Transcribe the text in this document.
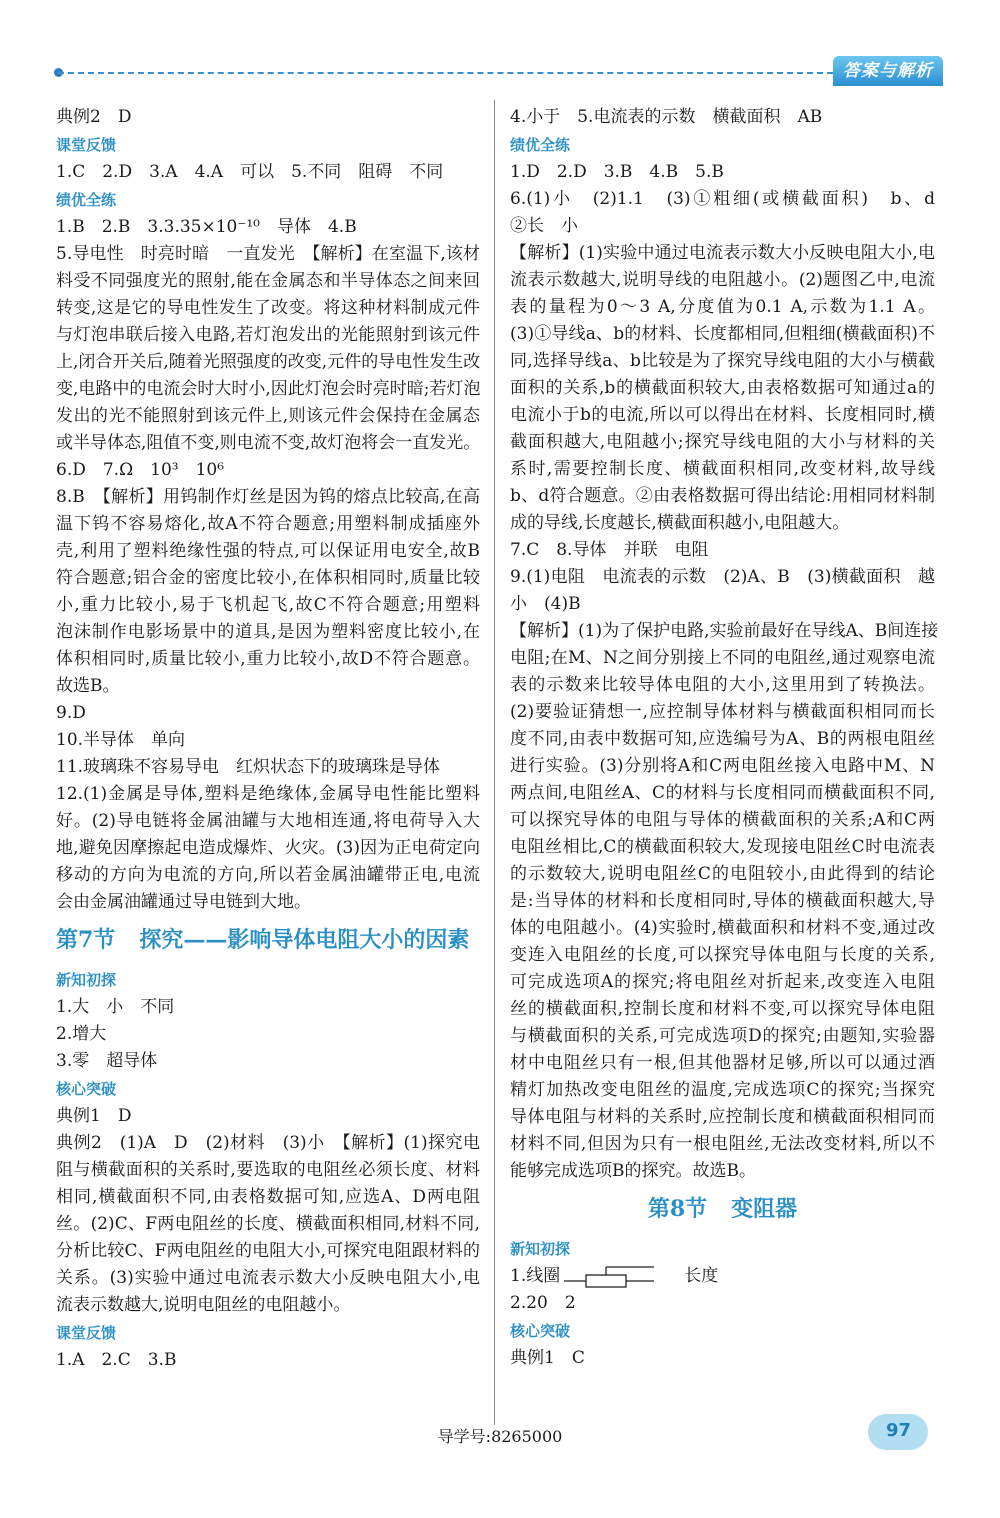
答案与解析
典例2　D
课堂反馈
1.C　2.D　3.A　4.A　可以　5.不同　阻碍　不同
绩优全练
1.B　2.B　3.3.35×10⁻¹⁰　导体　4.B
5.导电性　时亮时暗　一直发光　【解析】在室温下,该材
料受不同强度光的照射,能在金属态和半导体态之间来回
转变,这是它的导电性发生了改变。将这种材料制成元件
与灯泡串联后接入电路,若灯泡发出的光能照射到该元件
上,闭合开关后,随着光照强度的改变,元件的导电性发生改
变,电路中的电流会时大时小,因此灯泡会时亮时暗;若灯泡
发出的光不能照射到该元件上,则该元件会保持在金属态
或半导体态,阻值不变,则电流不变,故灯泡将会一直发光。
6.D　7.Ω　10³　10⁶
8.B　【解析】用钨制作灯丝是因为钨的熔点比较高,在高
温下钨不容易熔化,故A不符合题意;用塑料制成插座外
壳,利用了塑料绝缘性强的特点,可以保证用电安全,故B
符合题意;铝合金的密度比较小,在体积相同时,质量比较
小,重力比较小,易于飞机起飞,故C不符合题意;用塑料
泡沫制作电影场景中的道具,是因为塑料密度比较小,在
体积相同时,质量比较小,重力比较小,故D不符合题意。
故选B。
9.D
10.半导体　单向
11.玻璃珠不容易导电　红炽状态下的玻璃珠是导体
12.(1)金属是导体,塑料是绝缘体,金属导电性能比塑料
好。(2)导电链将金属油罐与大地相连通,将电荷导入大
地,避免因摩擦起电造成爆炸、火灾。(3)因为正电荷定向
移动的方向为电流的方向,所以若金属油罐带正电,电流
会由金属油罐通过导电链到大地。
第7节 探究——影响导体电阻大小的因素
新知初探
1.大　小　不同
2.增大
3.零　超导体
核心突破
典例1　D
典例2　(1)A　D　(2)材料　(3)小　【解析】(1)探究电
阻与横截面积的关系时,要选取的电阻丝必须长度、材料
相同,横截面积不同,由表格数据可知,应选A、D两电阻
丝。(2)C、F两电阻丝的长度、横截面积相同,材料不同,
分析比较C、F两电阻丝的电阻大小,可探究电阻跟材料的
关系。(3)实验中通过电流表示数大小反映电阻大小,电
流表示数越大,说明电阻丝的电阻越小。
课堂反馈
1.A　2.C　3.B
4.小于　5.电流表的示数　横截面积　AB
绩优全练
1.D　2.D　3.B　4.B　5.B
6.(1)小　(2)1.1　(3)①粗细(或横截面积)　b、d
②长　小
【解析】(1)实验中通过电流表示数大小反映电阻大小,电
流表示数越大,说明导线的电阻越小。(2)题图乙中,电流
表的量程为0～3 A,分度值为0.1 A,示数为1.1 A。
(3)①导线a、b的材料、长度都相同,但粗细(横截面积)不
同,选择导线a、b比较是为了探究导线电阻的大小与横截
面积的关系,b的横截面积较大,由表格数据可知通过a的
电流小于b的电流,所以可以得出在材料、长度相同时,横
截面积越大,电阻越小;探究导线电阻的大小与材料的关
系时,需要控制长度、横截面积相同,改变材料,故导线
b、d符合题意。②由表格数据可得出结论:用相同材料制
成的导线,长度越长,横截面积越小,电阻越大。
7.C　8.导体　并联　电阻
9.(1)电阻　电流表的示数　(2)A、B　(3)横截面积　越
小　(4)B
【解析】(1)为了保护电路,实验前最好在导线A、B间连接
电阻;在M、N之间分别接上不同的电阻丝,通过观察电流
表的示数来比较导体电阻的大小,这里用到了转换法。
(2)要验证猜想一,应控制导体材料与横截面积相同而长
度不同,由表中数据可知,应选编号为A、B的两根电阻丝
进行实验。(3)分别将A和C两电阻丝接入电路中M、N
两点间,电阻丝A、C的材料与长度相同而横截面积不同,
可以探究导体的电阻与导体的横截面积的关系;A和C两
电阻丝相比,C的横截面积较大,发现接电阻丝C时电流表
的示数较大,说明电阻丝C的电阻较小,由此得到的结论
是:当导体的材料和长度相同时,导体的横截面积越大,导
体的电阻越小。(4)实验时,横截面积和材料不变,通过改
变连入电阻丝的长度,可以探究导体电阻与长度的关系,
可完成选项A的探究;将电阻丝对折起来,改变连入电阻
丝的横截面积,控制长度和材料不变,可以探究导体电阻
与横截面积的关系,可完成选项D的探究;由题知,实验器
材中电阻丝只有一根,但其他器材足够,所以可以通过酒
精灯加热改变电阻丝的温度,完成选项C的探究;当探究
导体电阻与材料的关系时,应控制长度和横截面积相同而
材料不同,但因为只有一根电阻丝,无法改变材料,所以不
能够完成选项B的探究。故选B。
第8节 变阻器
新知初探
1.线圈	长度
2.20　2
核心突破
典例1　C
97
导学号:8265000
